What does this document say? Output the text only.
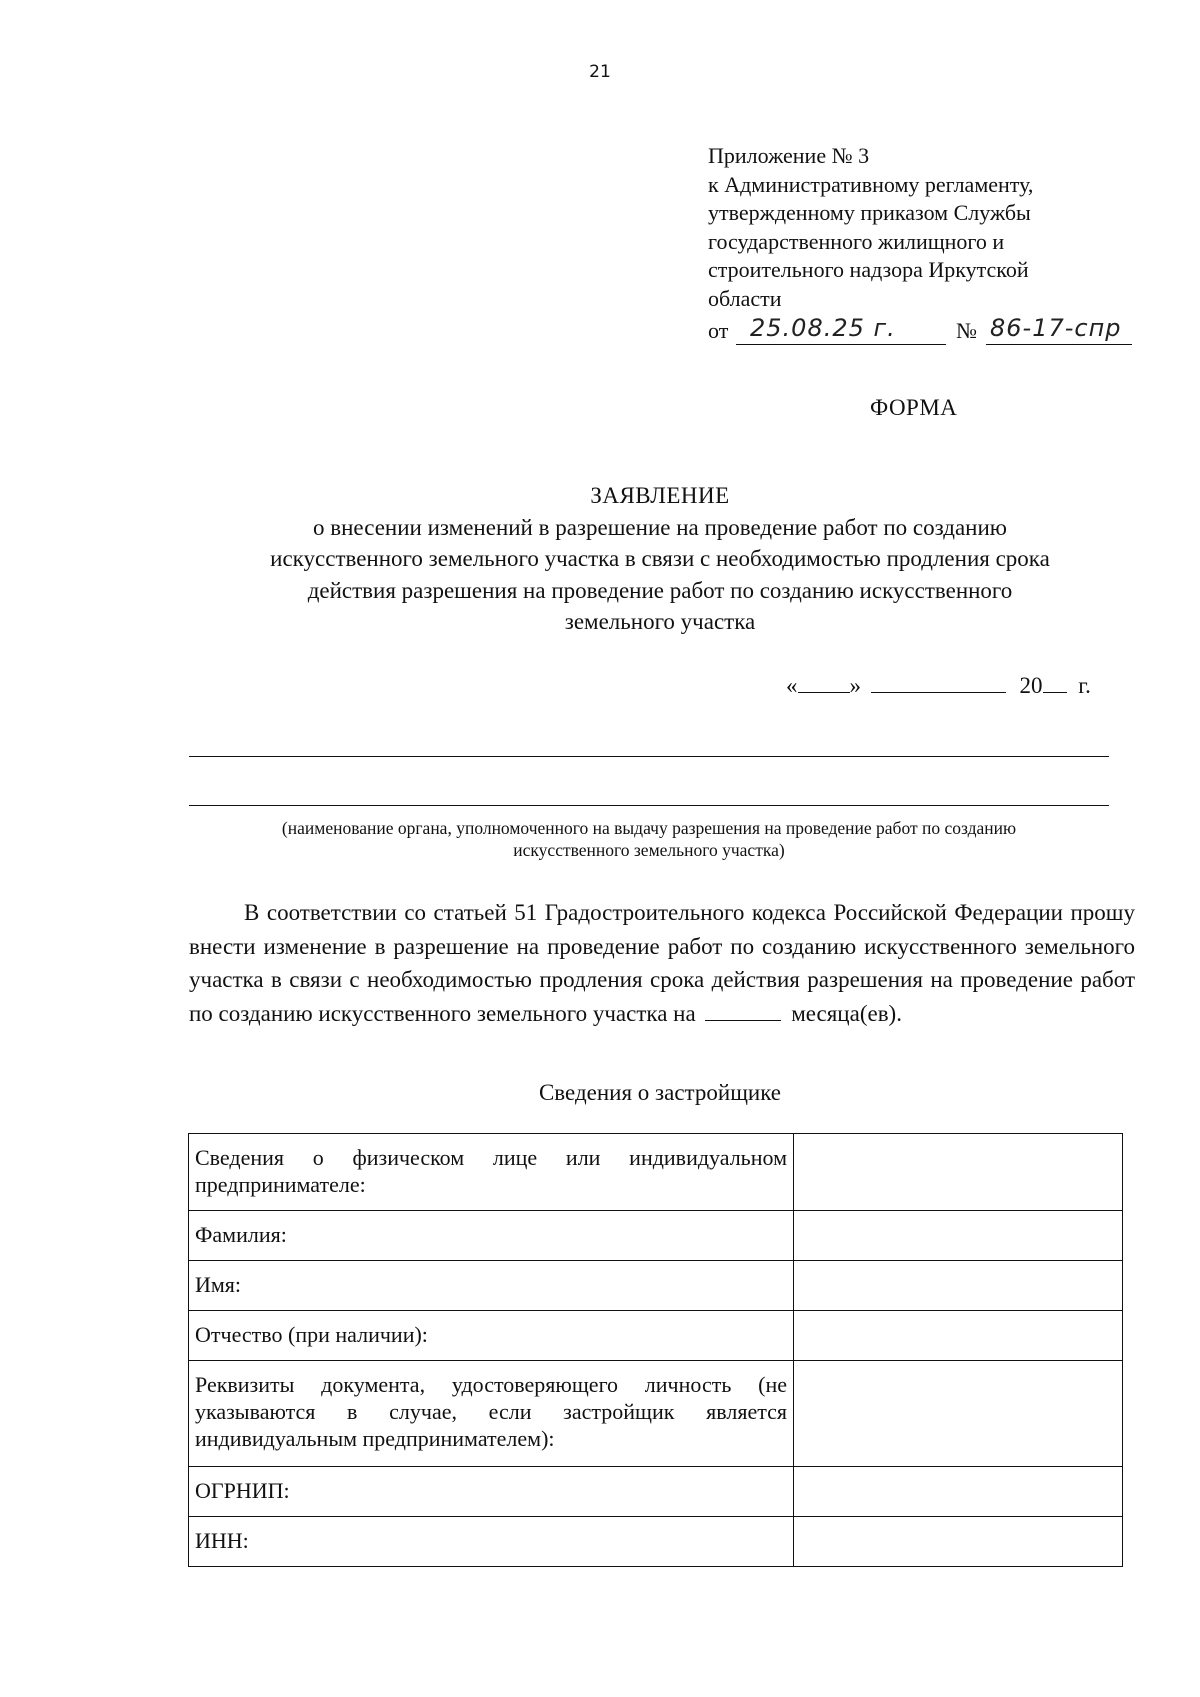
21
Приложение № 3
к Административному регламенту,
утвержденному приказом Службы
государственного жилищного и
строительного надзора Иркутской
области
от 25.08.25 г.	№ 86-17-спр
ФОРМА
ЗАЯВЛЕНИЕ
о внесении изменений в разрешение на проведение работ по созданию
искусственного земельного участка в связи с необходимостью продления срока
действия разрешения на проведение работ по созданию искусственного
земельного участка
« »	20 г.
(наименование органа, уполномоченного на выдачу разрешения на проведение работ по созданию
искусственного земельного участка)
В соответствии со статьей 51 Градостроительного кодекса Российской Федерации прошу внести изменение в разрешение на проведение работ по созданию искусственного земельного участка в связи с необходимостью продления срока действия разрешения на проведение работ по созданию искусственного земельного участка на	месяца(ев).
Сведения о застройщике
Сведения о физическом лице или индивидуальном предпринимателе:	
Фамилия:	
Имя:	
Отчество (при наличии):	
Реквизиты документа, удостоверяющего личность (не указываются в случае, если застройщик является индивидуальным предпринимателем):	
ОГРНИП:	
ИНН:	
